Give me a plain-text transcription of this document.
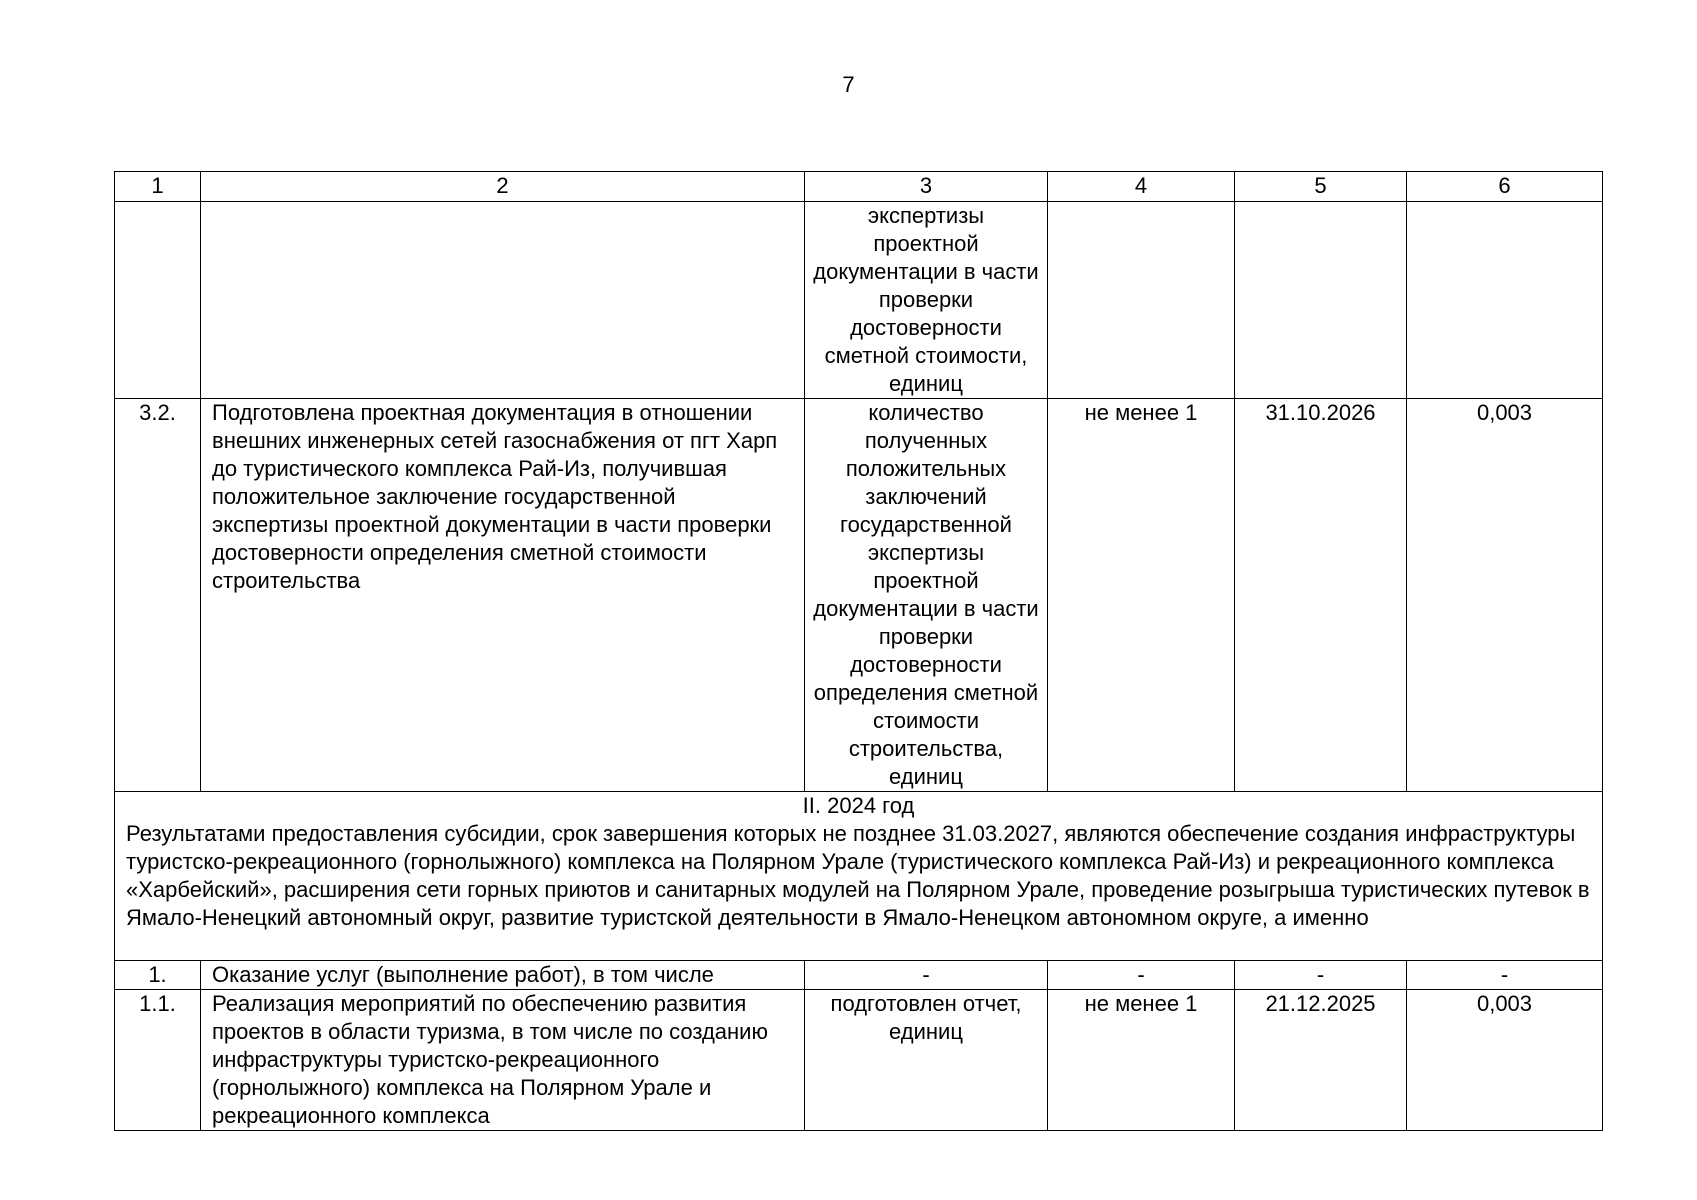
7
1	2	3	4	5	6
		экспертизы проектной документации в части проверки достоверности сметной стоимости, единиц			
3.2.	Подготовлена проектная документация в отношении внешних инженерных сетей газоснабжения от пгт Харп до туристического комплекса Рай-Из, получившая положительное заключение государственной экспертизы проектной документации в части проверки достоверности определения сметной стоимости строительства	количество полученных положительных заключений государственной экспертизы проектной документации в части проверки достоверности определения сметной стоимости строительства, единиц	не менее 1	31.10.2026	0,003

II. 2024 год
Результатами предоставления субсидии, срок завершения которых не позднее 31.03.2027, являются обеспечение создания инфраструктуры туристско-рекреационного (горнолыжного) комплекса на Полярном Урале (туристического комплекса Рай-Из) и рекреационного комплекса «Харбейский», расширения сети горных приютов и санитарных модулей на Полярном Урале, проведение розыгрыша туристических путевок в Ямало-Ненецкий автономный округ, развитие туристской деятельности в Ямало-Ненецком автономном округе, а именно					

1.	Оказание услуг (выполнение работ), в том числе	-	-	-	-
1.1.	Реализация мероприятий по обеспечению развития проектов в области туризма, в том числе по созданию инфраструктуры туристско-рекреационного (горнолыжного) комплекса на Полярном Урале и рекреационного комплекса	подготовлен отчет, единиц	не менее 1	21.12.2025	0,003
